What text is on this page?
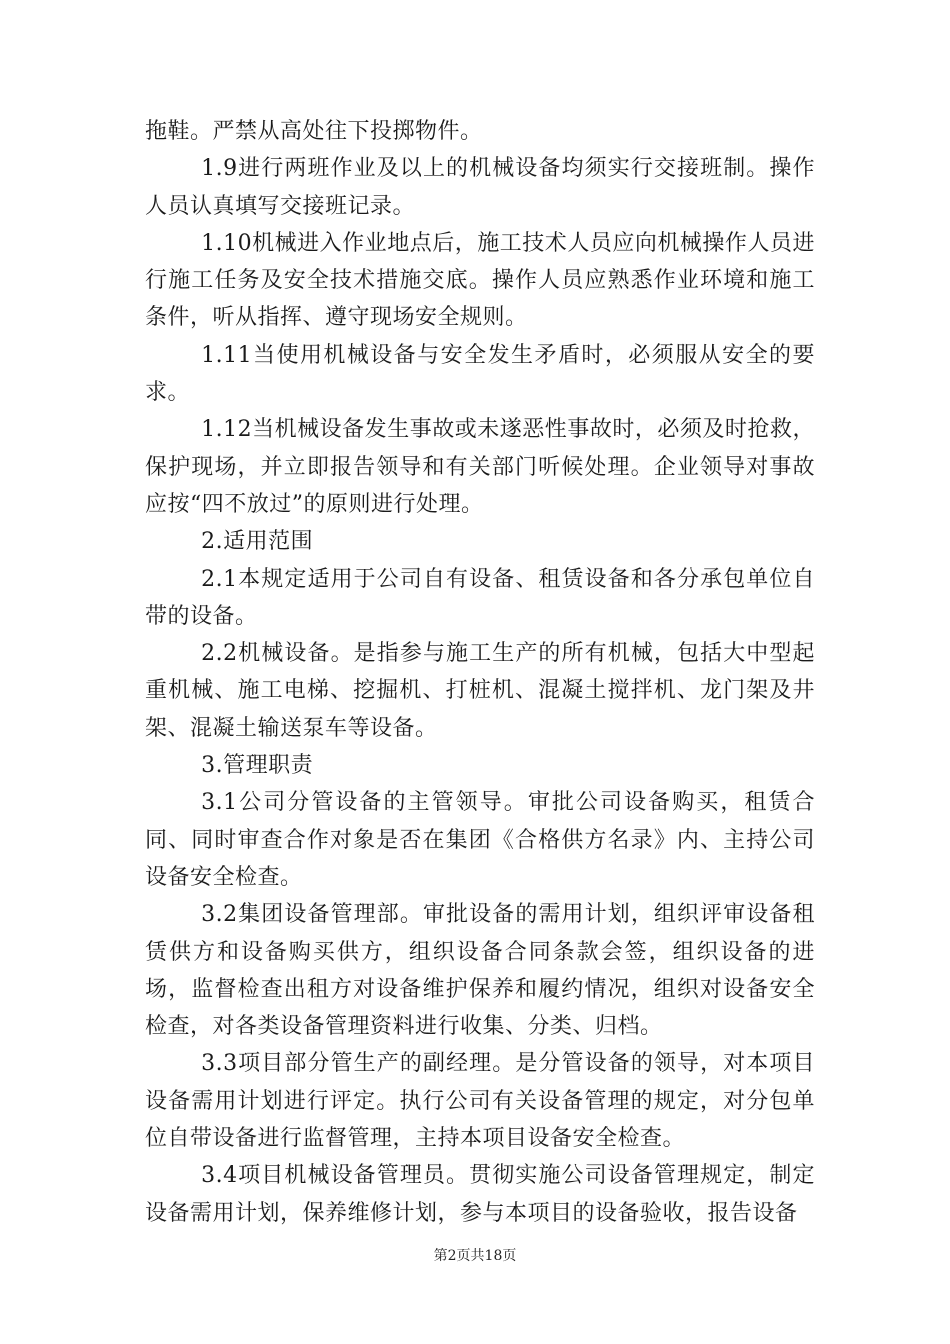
拖鞋。严禁从高处往下投掷物件。

1.9进行两班作业及以上的机械设备均须实行交接班制。操作人员认真填写交接班记录。

1.10机械进入作业地点后，施工技术人员应向机械操作人员进行施工任务及安全技术措施交底。操作人员应熟悉作业环境和施工条件，听从指挥、遵守现场安全规则。

1.11当使用机械设备与安全发生矛盾时，必须服从安全的要求。

1.12当机械设备发生事故或未遂恶性事故时，必须及时抢救，保护现场，并立即报告领导和有关部门听候处理。企业领导对事故应按“四不放过”的原则进行处理。

2.适用范围

2.1本规定适用于公司自有设备、租赁设备和各分承包单位自带的设备。

2.2机械设备。是指参与施工生产的所有机械，包括大中型起重机械、施工电梯、挖掘机、打桩机、混凝土搅拌机、龙门架及井架、混凝土输送泵车等设备。

3.管理职责

3.1公司分管设备的主管领导。审批公司设备购买，租赁合同、同时审查合作对象是否在集团《合格供方名录》内、主持公司设备安全检查。

3.2集团设备管理部。审批设备的需用计划，组织评审设备租赁供方和设备购买供方，组织设备合同条款会签，组织设备的进场，监督检查出租方对设备维护保养和履约情况，组织对设备安全检查，对各类设备管理资料进行收集、分类、归档。

3.3项目部分管生产的副经理。是分管设备的领导，对本项目设备需用计划进行评定。执行公司有关设备管理的规定，对分包单位自带设备进行监督管理，主持本项目设备安全检查。

3.4项目机械设备管理员。贯彻实施公司设备管理规定，制定设备需用计划，保养维修计划，参与本项目的设备验收，报告设备

第2页共18页
